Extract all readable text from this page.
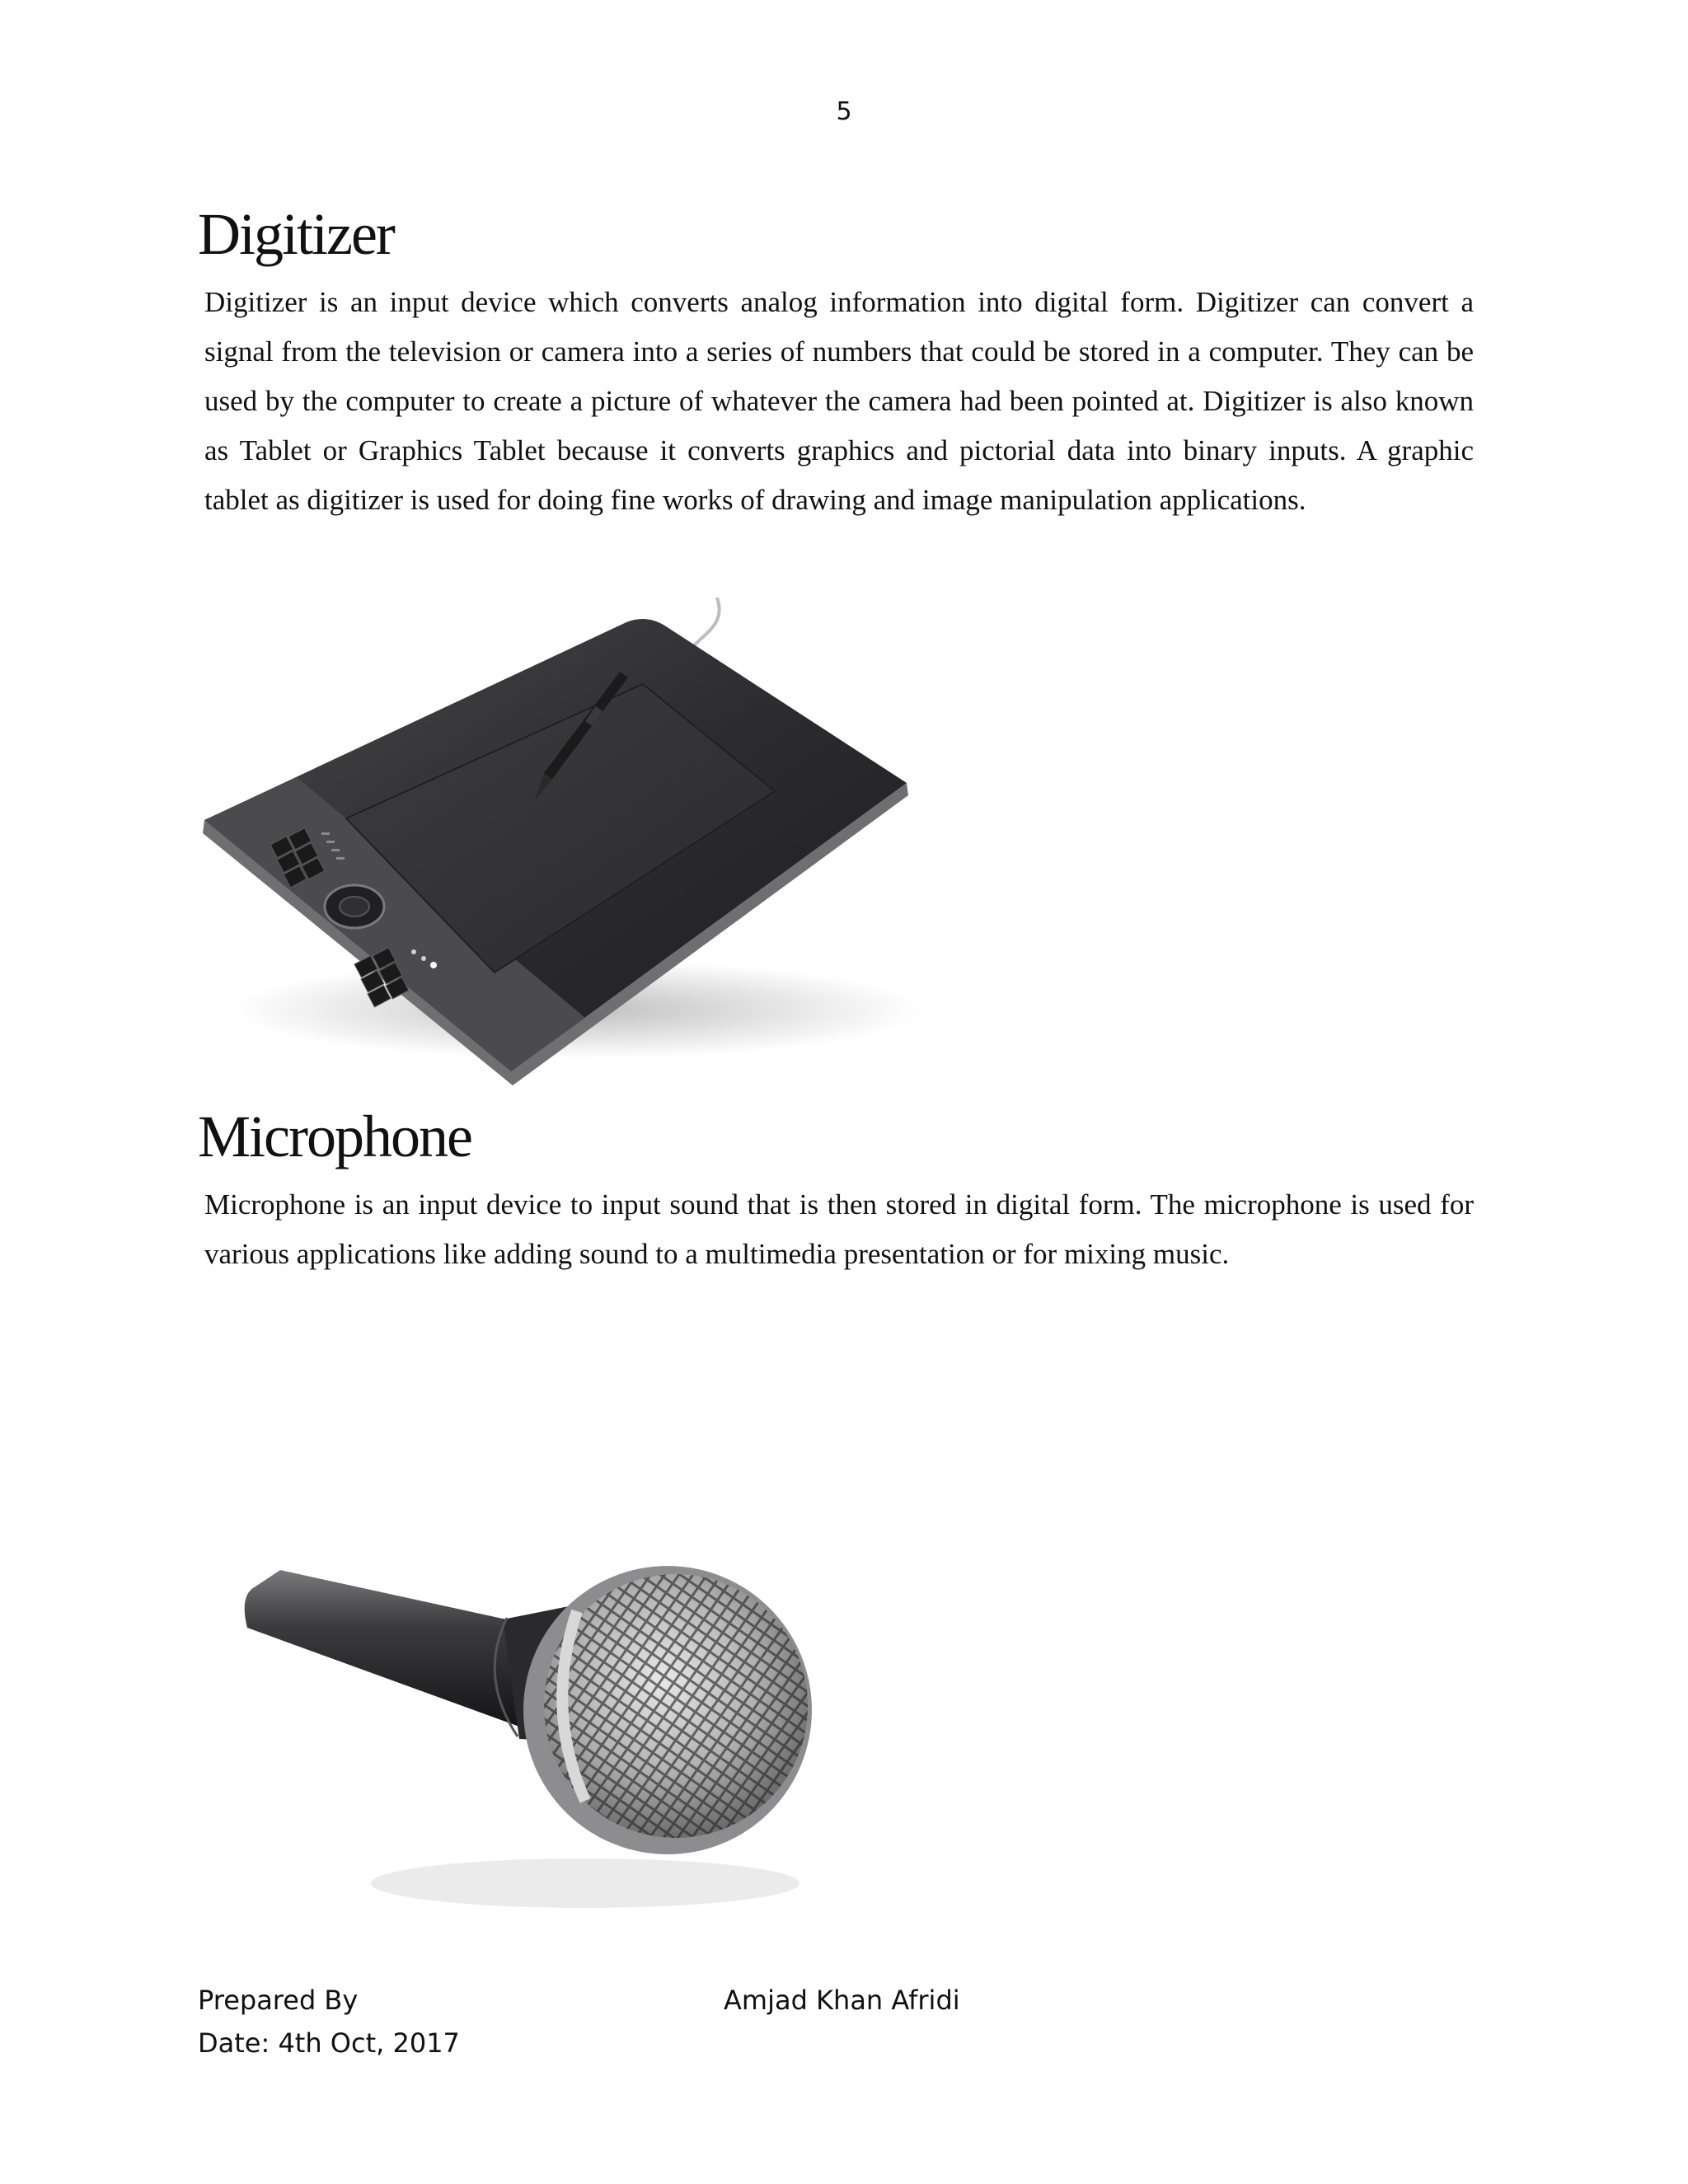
5
Digitizer

Digitizer is an input device which converts analog information into digital form. Digitizer can convert a signal from the television or camera into a series of numbers that could be stored in a computer. They can be used by the computer to create a picture of whatever the camera had been pointed at. Digitizer is also known as Tablet or Graphics Tablet because it converts graphics and pictorial data into binary inputs. A graphic tablet as digitizer is used for doing fine works of drawing and image manipulation applications.

Microphone

Microphone is an input device to input sound that is then stored in digital form. The microphone is used for various applications like adding sound to a multimedia presentation or for mixing music.

Prepared By	Amjad Khan Afridi
Date: 4th Oct, 2017
